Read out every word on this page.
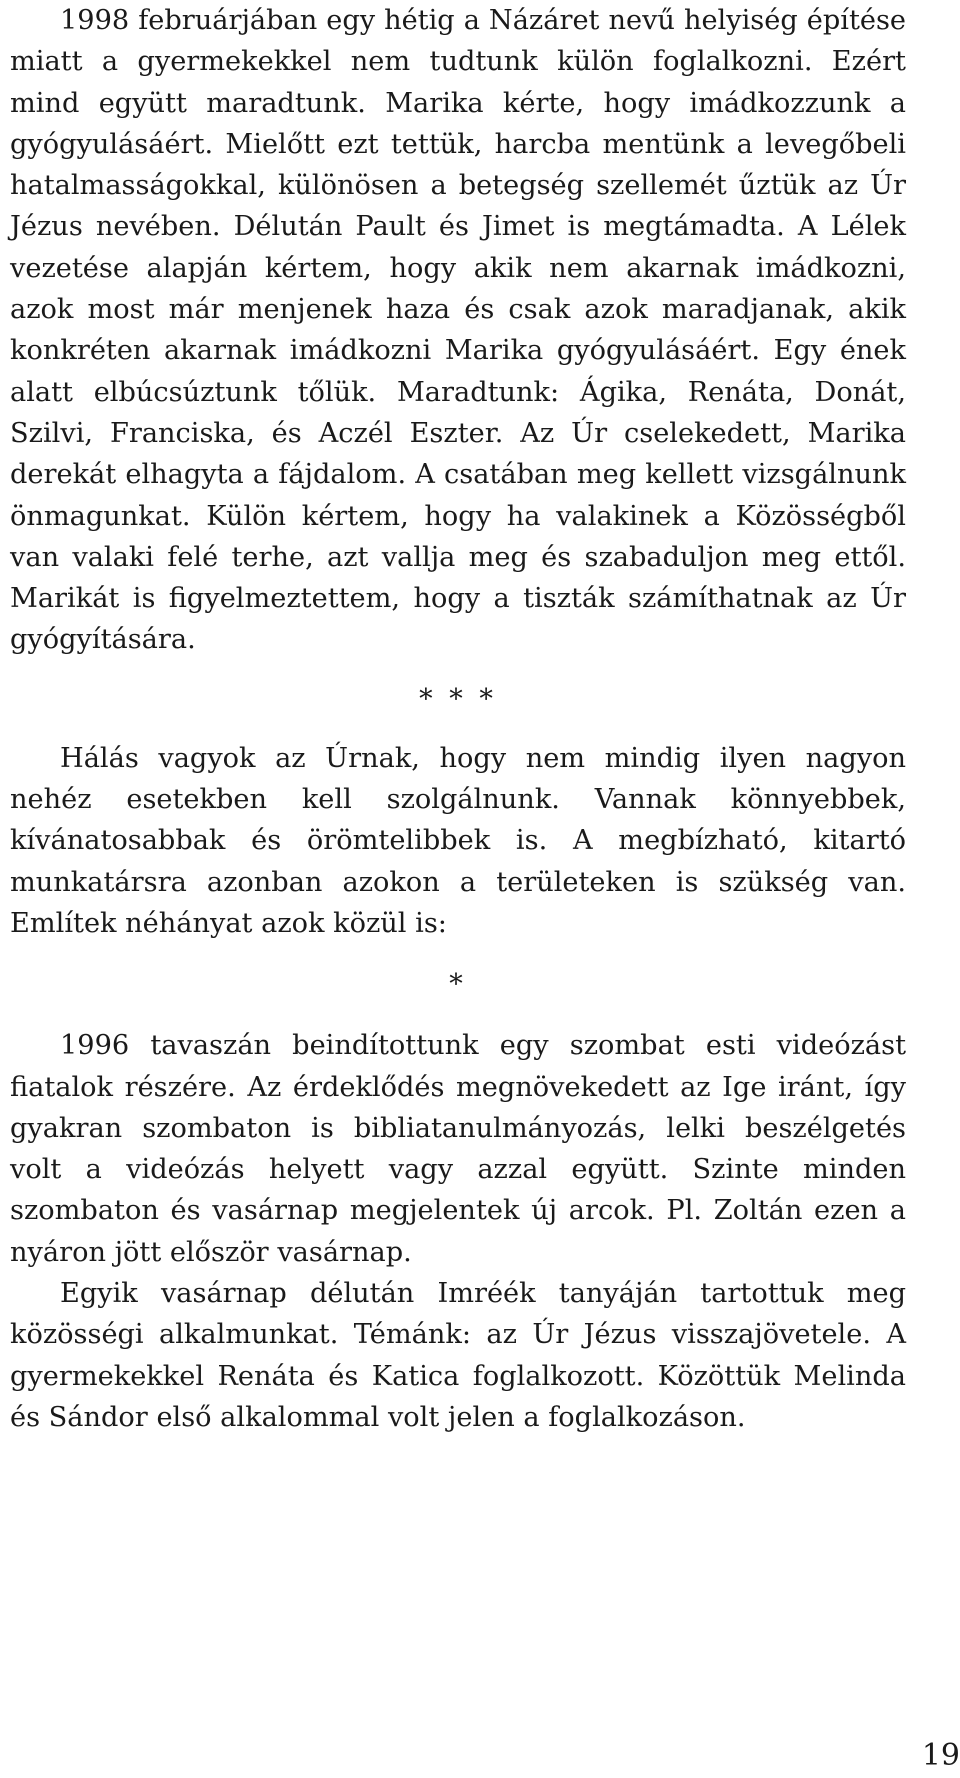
1998 februárjában egy hétig a Názáret nevű helyiség építése miatt a gyermekekkel nem tudtunk külön foglalkozni. Ezért mind együtt maradtunk. Marika kérte, hogy imádkozzunk a gyógyulásáért. Mielőtt ezt tettük, harcba mentünk a levegőbeli hatalmasságokkal, különösen a betegség szellemét űztük az Úr Jézus nevében. Délután Pault és Jimet is megtámadta. A Lélek vezetése alapján kértem, hogy akik nem akarnak imádkozni, azok most már menjenek haza és csak azok maradjanak, akik konkréten akarnak imádkozni Marika gyógyulásáért. Egy ének alatt elbúcsúztunk tőlük. Maradtunk: Ágika, Renáta, Donát, Szilvi, Franciska, és Aczél Eszter. Az Úr cselekedett, Marika derekát elhagyta a fájdalom. A csatában meg kellett vizsgálnunk önmagunkat. Külön kértem, hogy ha valakinek a Közösségből van valaki felé terhe, azt vallja meg és szabaduljon meg ettől. Marikát is figyelmeztettem, hogy a tiszták számíthatnak az Úr gyógyítására.

* * *

Hálás vagyok az Úrnak, hogy nem mindig ilyen nagyon nehéz esetekben kell szolgálnunk. Vannak könnyebbek, kívánatosabbak és örömtelibbek is. A megbízható, kitartó munkatársra azonban azokon a területeken is szükség van. Említek néhányat azok közül is:

*

1996 tavaszán beindítottunk egy szombat esti videózást fiatalok részére. Az érdeklődés megnövekedett az Ige iránt, így gyakran szombaton is bibliatanulmányozás, lelki beszélgetés volt a videózás helyett vagy azzal együtt. Szinte minden szombaton és vasárnap megjelentek új arcok. Pl. Zoltán ezen a nyáron jött először vasárnap.

Egyik vasárnap délután Imréék tanyáján tartottuk meg közösségi alkalmunkat. Témánk: az Úr Jézus visszajövetele. A gyermekekkel Renáta és Katica foglalkozott. Közöttük Melinda és Sándor első alkalommal volt jelen a foglalkozáson.

19
